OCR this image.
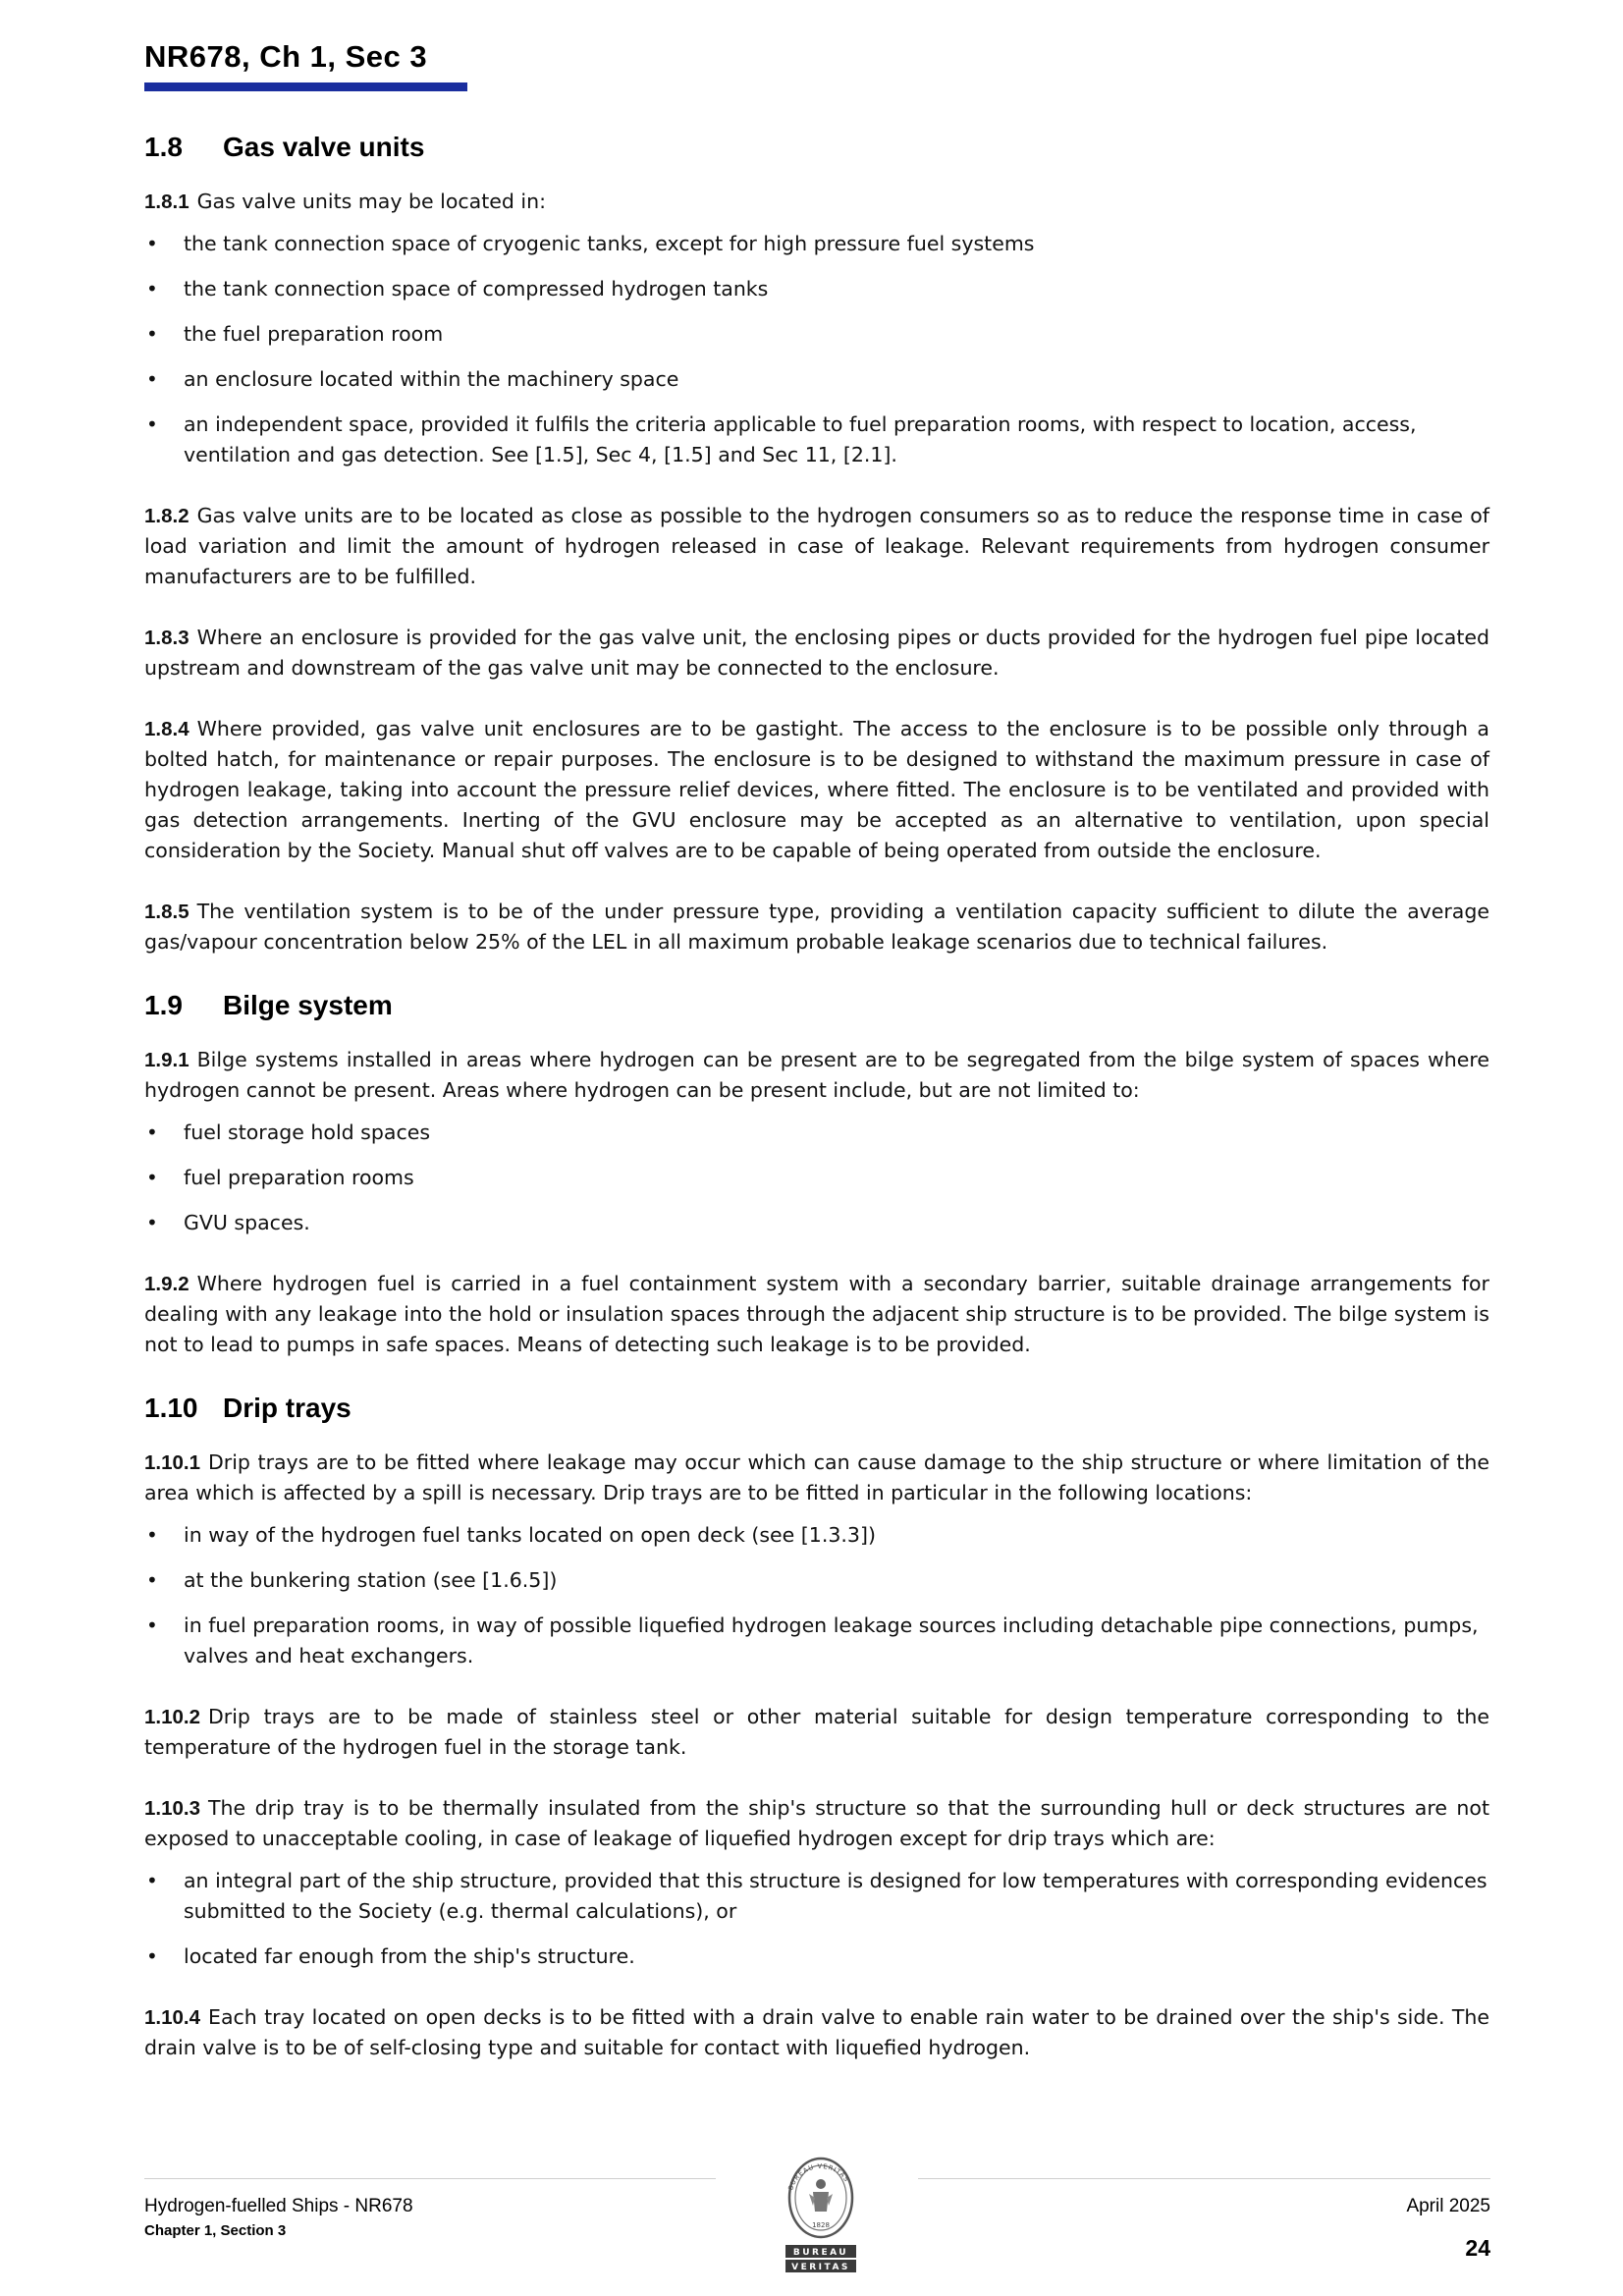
NR678, Ch 1, Sec 3
1.8 Gas valve units

1.8.1 Gas valve units may be located in:

• the tank connection space of cryogenic tanks, except for high pressure fuel systems
• the tank connection space of compressed hydrogen tanks
• the fuel preparation room
• an enclosure located within the machinery space
• an independent space, provided it fulfils the criteria applicable to fuel preparation rooms, with respect to location, access, ventilation and gas detection. See [1.5], Sec 4, [1.5] and Sec 11, [2.1].

1.8.2 Gas valve units are to be located as close as possible to the hydrogen consumers so as to reduce the response time in case of load variation and limit the amount of hydrogen released in case of leakage. Relevant requirements from hydrogen consumer manufacturers are to be fulfilled.

1.8.3 Where an enclosure is provided for the gas valve unit, the enclosing pipes or ducts provided for the hydrogen fuel pipe located upstream and downstream of the gas valve unit may be connected to the enclosure.

1.8.4 Where provided, gas valve unit enclosures are to be gastight. The access to the enclosure is to be possible only through a bolted hatch, for maintenance or repair purposes. The enclosure is to be designed to withstand the maximum pressure in case of hydrogen leakage, taking into account the pressure relief devices, where fitted. The enclosure is to be ventilated and provided with gas detection arrangements. Inerting of the GVU enclosure may be accepted as an alternative to ventilation, upon special consideration by the Society. Manual shut off valves are to be capable of being operated from outside the enclosure.

1.8.5 The ventilation system is to be of the under pressure type, providing a ventilation capacity sufficient to dilute the average gas/vapour concentration below 25% of the LEL in all maximum probable leakage scenarios due to technical failures.

1.9 Bilge system

1.9.1 Bilge systems installed in areas where hydrogen can be present are to be segregated from the bilge system of spaces where hydrogen cannot be present. Areas where hydrogen can be present include, but are not limited to:

• fuel storage hold spaces
• fuel preparation rooms
• GVU spaces.

1.9.2 Where hydrogen fuel is carried in a fuel containment system with a secondary barrier, suitable drainage arrangements for dealing with any leakage into the hold or insulation spaces through the adjacent ship structure is to be provided. The bilge system is not to lead to pumps in safe spaces. Means of detecting such leakage is to be provided.

1.10 Drip trays

1.10.1 Drip trays are to be fitted where leakage may occur which can cause damage to the ship structure or where limitation of the area which is affected by a spill is necessary. Drip trays are to be fitted in particular in the following locations:

• in way of the hydrogen fuel tanks located on open deck (see [1.3.3])
• at the bunkering station (see [1.6.5])
• in fuel preparation rooms, in way of possible liquefied hydrogen leakage sources including detachable pipe connections, pumps, valves and heat exchangers.

1.10.2 Drip trays are to be made of stainless steel or other material suitable for design temperature corresponding to the temperature of the hydrogen fuel in the storage tank.

1.10.3 The drip tray is to be thermally insulated from the ship's structure so that the surrounding hull or deck structures are not exposed to unacceptable cooling, in case of leakage of liquefied hydrogen except for drip trays which are:

• an integral part of the ship structure, provided that this structure is designed for low temperatures with corresponding evidences submitted to the Society (e.g. thermal calculations), or
• located far enough from the ship's structure.

1.10.4 Each tray located on open decks is to be fitted with a drain valve to enable rain water to be drained over the ship's side. The drain valve is to be of self-closing type and suitable for contact with liquefied hydrogen.

Hydrogen-fuelled Ships - NR678
Chapter 1, Section 3
April 2025
24
BUREAU VERITAS
1828
BUREAU
VERITAS
